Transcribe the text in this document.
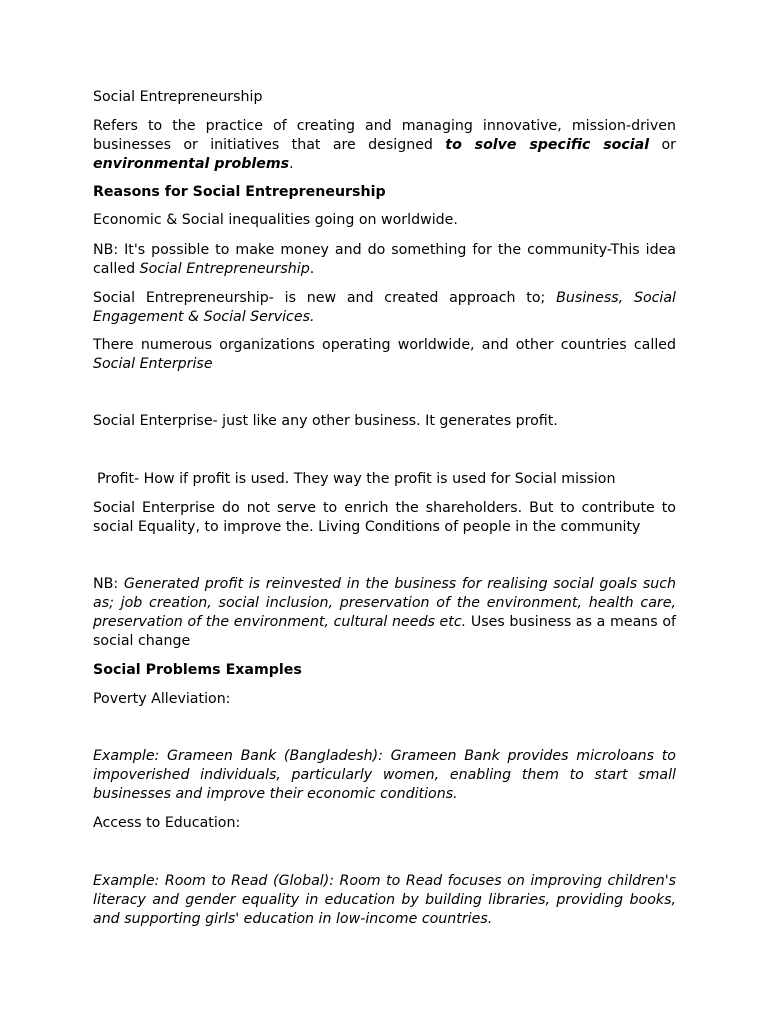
Social Entrepreneurship

Refers to the practice of creating and managing innovative, mission-driven businesses or initiatives that are designed to solve specific social or environmental problems.

Reasons for Social Entrepreneurship

Economic & Social inequalities going on worldwide.

NB: It's possible to make money and do something for the community-This idea called Social Entrepreneurship.

Social Entrepreneurship- is new and created approach to; Business, Social Engagement & Social Services.

There numerous organizations operating worldwide, and other countries called Social Enterprise

Social Enterprise- just like any other business. It generates profit.

Profit- How if profit is used. They way the profit is used for Social mission

Social Enterprise do not serve to enrich the shareholders. But to contribute to social Equality, to improve the. Living Conditions of people in the community

NB: Generated profit is reinvested in the business for realising social goals such as; job creation, social inclusion, preservation of the environment, health care, preservation of the environment, cultural needs etc. Uses business as a means of social change

Social Problems Examples

Poverty Alleviation:

Example: Grameen Bank (Bangladesh): Grameen Bank provides microloans to impoverished individuals, particularly women, enabling them to start small businesses and improve their economic conditions.

Access to Education:

Example: Room to Read (Global): Room to Read focuses on improving children's literacy and gender equality in education by building libraries, providing books, and supporting girls' education in low-income countries.
